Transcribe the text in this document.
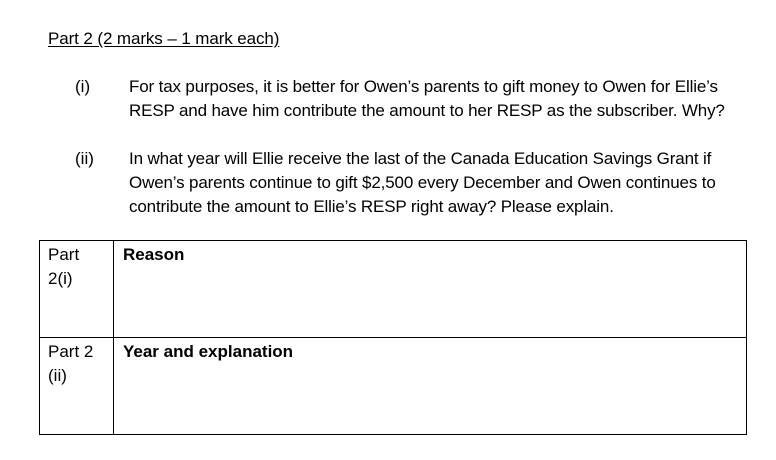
Part 2 (2 marks – 1 mark each)
(i) For tax purposes, it is better for Owen’s parents to gift money to Owen for Ellie’s RESP and have him contribute the amount to her RESP as the subscriber. Why?
(ii) In what year will Ellie receive the last of the Canada Education Savings Grant if Owen’s parents continue to gift $2,500 every December and Owen continues to contribute the amount to Ellie’s RESP right away? Please explain.
Part 2(i)	Reason
Part 2 (ii)	Year and explanation
